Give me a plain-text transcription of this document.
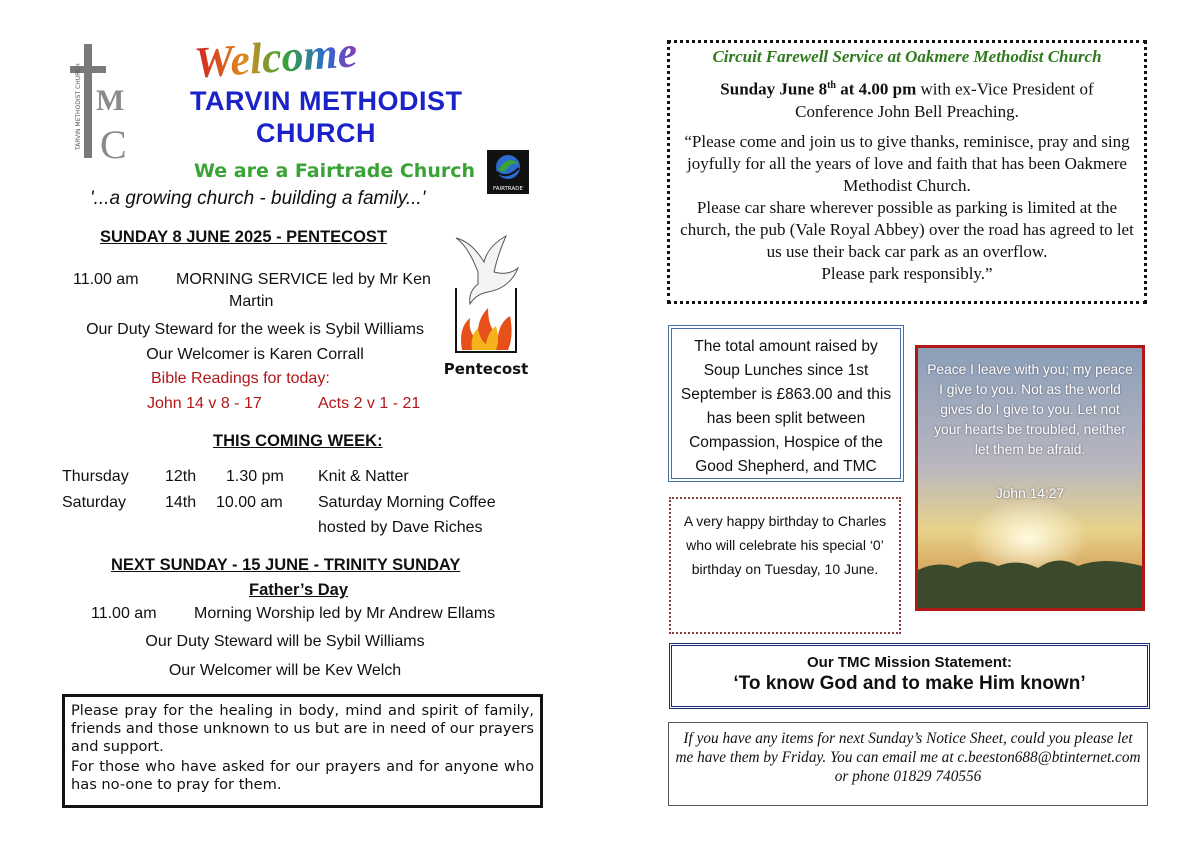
TARVIN METHODIST CHURCH M
C
Welcome
TARVIN METHODIST
CHURCH
We are a Fairtrade Church
FAIRTRADE
'...a growing church - building a family...'
SUNDAY 8 JUNE 2025 - PENTECOST
11.00 am MORNING SERVICE led by Mr Ken
Martin
Our Duty Steward for the week is Sybil Williams
Our Welcomer is Karen Corrall
Bible Readings for today:
John 14 v 8 - 17	Acts 2 v 1 - 21
Pentecost
THIS COMING WEEK:
Thursday 12th 1.30 pm Knit & Natter
Saturday 14th 10.00 am Saturday Morning Coffee
hosted by Dave Riches
NEXT SUNDAY - 15 JUNE - TRINITY SUNDAY
Father’s Day
11.00 am Morning Worship led by Mr Andrew Ellams
Our Duty Steward will be Sybil Williams
Our Welcomer will be Kev Welch

Please pray for the healing in body, mind and spirit of family, friends and those unknown to us but are in need of our prayers and support.

For those who have asked for our prayers and for anyone who has no-one to pray for them.

Circuit Farewell Service at Oakmere Methodist Church
Sunday June 8th at 4.00 pm with ex-Vice President of Conference John Bell Preaching.
“Please come and join us to give thanks, reminisce, pray and sing joyfully for all the years of love and faith that has been Oakmere Methodist Church.
Please car share wherever possible as parking is limited at the church, the pub (Vale Royal Abbey) over the road has agreed to let us use their back car park as an overflow.
Please park responsibly.”
The total amount raised by Soup Lunches since 1st September is £863.00 and this has been split between Compassion, Hospice of the Good Shepherd, and TMC
A very happy birthday to Charles who will celebrate his special ‘0’ birthday on Tuesday, 10 June.
Peace I leave with you; my peace I give to you. Not as the world gives do I give to you. Let not your hearts be troubled, neither let them be afraid.
John 14:27
Our TMC Mission Statement:
‘To know God and to make Him known’
If you have any items for next Sunday’s Notice Sheet, could you please let me have them by Friday. You can email me at c.beeston688@btinternet.com or phone 01829 740556
